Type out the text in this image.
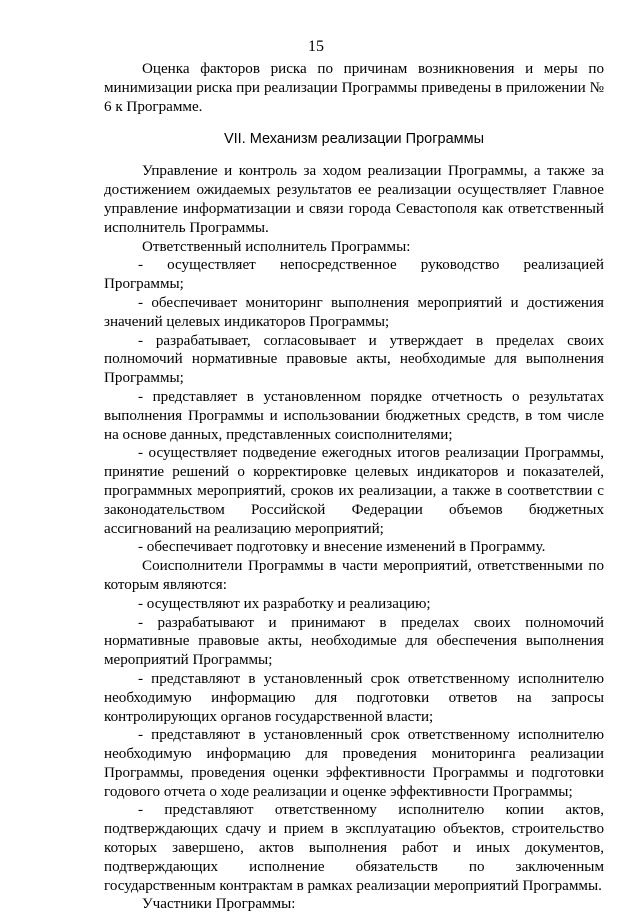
15

Оценка факторов риска по причинам возникновения и меры по минимизации риска при реализации Программы приведены в приложении № 6 к Программе.

VII. Механизм реализации Программы

Управление и контроль за ходом реализации Программы, а также за достижением ожидаемых результатов ее реализации осуществляет Главное управление информатизации и связи города Севастополя как ответственный исполнитель Программы.

Ответственный исполнитель Программы:

- осуществляет непосредственное руководство реализацией Программы;

- обеспечивает мониторинг выполнения мероприятий и достижения значений целевых индикаторов Программы;

- разрабатывает, согласовывает и утверждает в пределах своих полномочий нормативные правовые акты, необходимые для выполнения Программы;

- представляет в установленном порядке отчетность о результатах выполнения Программы и использовании бюджетных средств, в том числе на основе данных, представленных соисполнителями;

- осуществляет подведение ежегодных итогов реализации Программы, принятие решений о корректировке целевых индикаторов и показателей, программных мероприятий, сроков их реализации, а также в соответствии с законодательством Российской Федерации объемов бюджетных ассигнований на реализацию мероприятий;

- обеспечивает подготовку и внесение изменений в Программу.

Соисполнители Программы в части мероприятий, ответственными по которым являются:

- осуществляют их разработку и реализацию;

- разрабатывают и принимают в пределах своих полномочий нормативные правовые акты, необходимые для обеспечения выполнения мероприятий Программы;

- представляют в установленный срок ответственному исполнителю необходимую информацию для подготовки ответов на запросы контролирующих органов государственной власти;

- представляют в установленный срок ответственному исполнителю необходимую информацию для проведения мониторинга реализации Программы, проведения оценки эффективности Программы и подготовки годового отчета о ходе реализации и оценке эффективности Программы;

- представляют ответственному исполнителю копии актов, подтверждающих сдачу и прием в эксплуатацию объектов, строительство которых завершено, актов выполнения работ и иных документов, подтверждающих исполнение обязательств по заключенным государственным контрактам в рамках реализации мероприятий Программы.

Участники Программы:
